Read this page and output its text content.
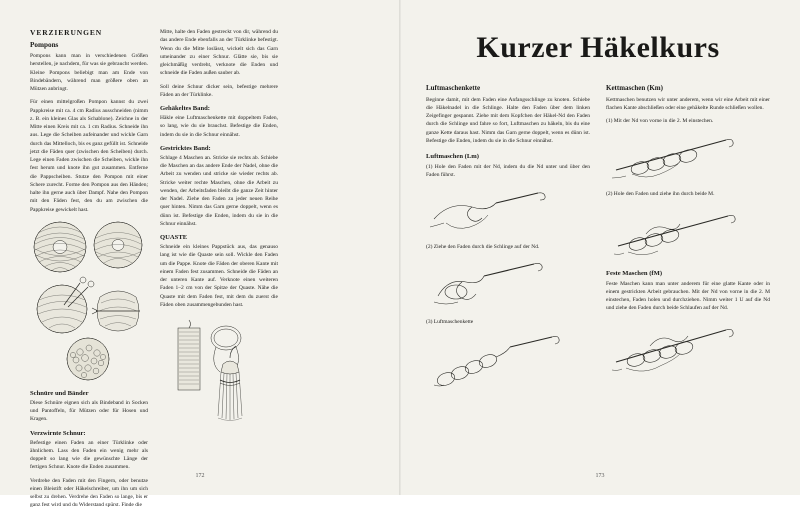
VERZIERUNGEN
Pompons

Pompons kann man in verschiedenen Größen herstellen, je nachdem, für was sie gebraucht werden. Kleine Pompons beliebigt man am Ende von Bindebändern, während man größere oben an Mützen anbringt.

Für einen mittelgroßen Pompon kannst du zwei Pappkreise mit ca. 4 cm Radius ausschneiden (nimm z. B. ein kleines Glas als Schablone). Zeichne in der Mitte einen Kreis mit ca. 1 cm Radius. Schneide ihn aus. Lege die Scheiben aufeinander und wickle Garn durch das Mittelloch, bis es ganz gefüllt ist. Schneide jetzt die Fäden quer (zwischen den Scheiben) durch. Lege einen Faden zwischen die Scheiben, wickle ihn fest herum und knote ihn gut zusammen. Entferne die Pappscheiben. Stutze den Pompon mit einer Schere zurecht. Forme den Pompon aus den Händen; halte ihn gerne auch über Dampf. Nahe den Pompon mit den Fäden fest, den du am zwischen die Pappkreise gewickelt hast.

Schnüre und Bänder

Diese Schnüre eignen sich als Bindeband in Socken und Pantoffeln, für Mützen oder für Hosen und Kragen.

Verzwirnte Schnur:

Befestige einen Faden an einer Türklinke oder ähnlichem. Lass den Faden ein wenig mehr als doppelt so lang wie die gewünschte Länge der fertigen Schnur. Knote die Enden zusammen.

Verdrehe den Faden mit den Fingern, oder benutze einen Bleistift oder Häkelschreiber, um ihn um sich selbst zu drehen. Verdrehe den Faden so lange, bis er ganz fest wird und du Widerstand spürst. Finde die

Mitte, halte den Faden gestreckt von dir, während du das andere Ende ebenfalls an der Türklinke befestigt. Wenn du die Mitte loslässt, wickelt sich das Garn umeinander zu einer Schnur. Glätte sie, bis sie gleichmäßig verdreht, verknote die Enden und schneide die Faden außen sauber ab.

Soll deine Schnur dicker sein, befestige mehrere Fäden an der Türklinke.

Gehäkeltes Band:

Häkle eine Luftmaschenkette mit doppeltem Faden, so lang, wie du sie brauchst. Befestige die Enden, indem du sie in die Schnur einnähst.

Gestricktes Band:

Schlage 4 Maschen an. Stricke sie rechts ab. Schiebe die Maschen an das andere Ende der Nadel, ohne die Arbeit zu wenden und stricke sie wieder rechts ab. Stricke weiter rechte Maschen, ohne die Arbeit zu wenden, der Arbeitsfaden bleibt die ganze Zeit hinter der Nadel. Ziehe den Faden zu jeder neuen Reihe quer hinten. Nimm das Garn gerne doppelt, wenn es dünn ist. Befestige die Enden, indem du sie in die Schnur einnähst.

QUASTE

Schneide ein kleines Pappstück aus, das genauso lang ist wie die Quaste sein soll. Wickle den Faden um die Pappe. Knote die Fäden der oberen Kante mit einem Faden fest zusammen. Schneide die Fäden an der unteren Kante auf. Verknote einen weiteren Faden 1–2 cm von der Spitze der Quaste. Nähe die Quaste mit dem Faden fest, mit dem du zuerst die Fäden oben zusammengebunden hast.

172
Kurzer Häkelkurs
Luftmaschenkette

Beginne damit, mit dem Faden eine Anfangsschlinge zu knoten. Schiebe die Häkelnadel in die Schlinge. Halte den Faden über dem linken Zeigefinger gespannt. Ziehe mit dem Kopfchen der Häkel-Nd den Faden durch die Schlinge und fahre so fort, Luftmaschen zu häkeln, bis du eine ganze Kette daraus hast. Nimm das Garn gerne doppelt, wenn es dünn ist. Befestige die Enden, indem du sie in die Schnur einnähst.

Luftmaschen (Lm)

(1) Hole den Faden mit der Nd, indem du die Nd unter und über den Faden führst.

(2) Ziehe den Faden durch die Schlinge auf der Nd.

(3) Luftmaschenkette

Kettmaschen (Km)

Kettmaschen benutzen wir unter anderem, wenn wir eine Arbeit mit einer flachen Kante abschließen oder eine gehäkelte Runde schließen wollen.

(1) Mit der Nd von vorne in die 2. M einstechen.

(2) Hole den Faden und ziehe ihn durch beide M.

Feste Maschen (fM)

Feste Maschen kann man unter anderem für eine glatte Kante oder in einem gestrickten Arbeit gebrauchen. Mit der Nd von vorne in die 2. M einstechen, Faden holen und durchziehen. Nimm weiter 1 U auf die Nd und ziehe den Faden durch beide Schlaufen auf der Nd.

173
